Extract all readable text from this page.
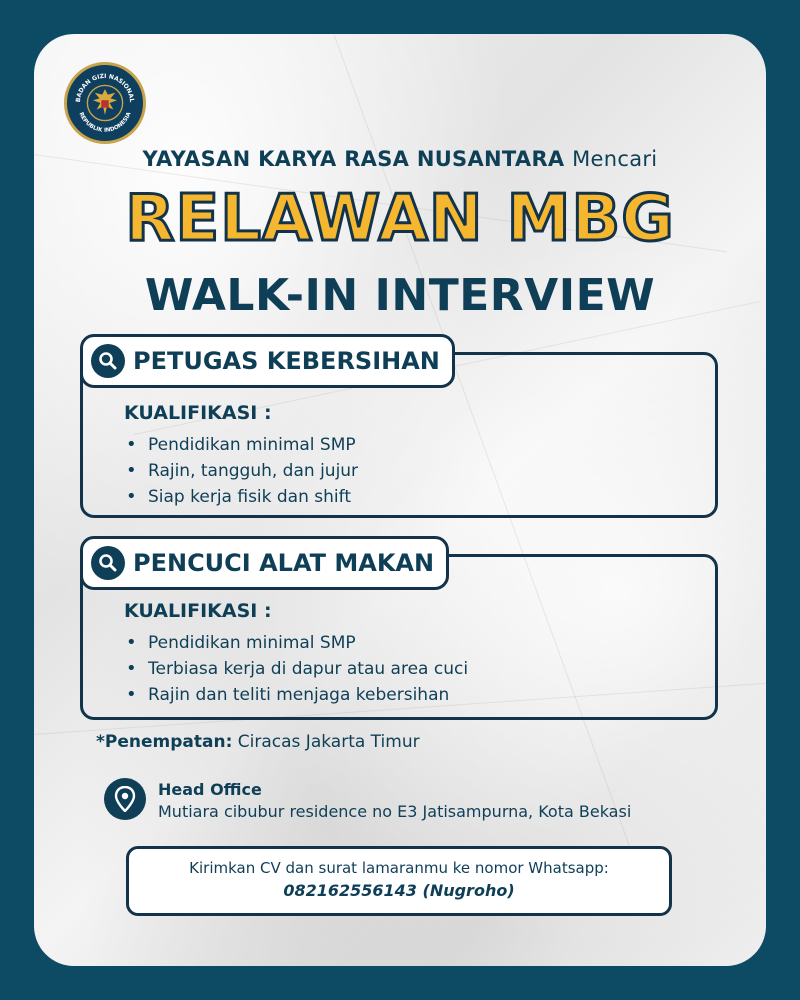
BADAN GIZI NASIONAL
REPUBLIK INDONESIA
YAYASAN KARYA RASA NUSANTARA Mencari
RELAWAN MBG
WALK-IN INTERVIEW
PETUGAS KEBERSIHAN
KUALIFIKASI :
• Pendidikan minimal SMP
• Rajin, tangguh, dan jujur
• Siap kerja fisik dan shift
PENCUCI ALAT MAKAN
KUALIFIKASI :
• Pendidikan minimal SMP
• Terbiasa kerja di dapur atau area cuci
• Rajin dan teliti menjaga kebersihan
*Penempatan: Ciracas Jakarta Timur
Head Office
Mutiara cibubur residence no E3 Jatisampurna, Kota Bekasi
Kirimkan CV dan surat lamaranmu ke nomor Whatsapp:
082162556143 (Nugroho)
